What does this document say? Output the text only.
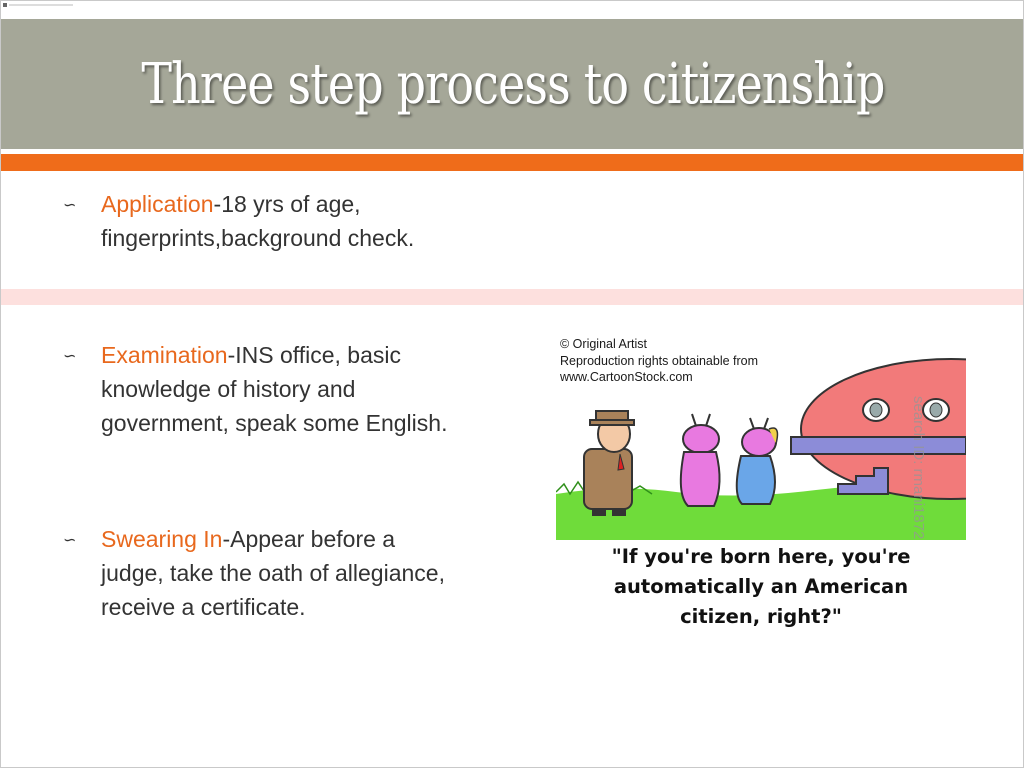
Three step process to citizenship
∽ Application-18 yrs of age, fingerprints,background check.
∽ Examination-INS office, basic knowledge of history and government, speak some English.
∽ Swearing In-Appear before a judge, take the oath of allegiance, receive a certificate.
© Original Artist
Reproduction rights obtainable from
www.CartoonStock.com
"If you're born here, you're
automatically an American
citizen, right?"
search ID: rmani1872
